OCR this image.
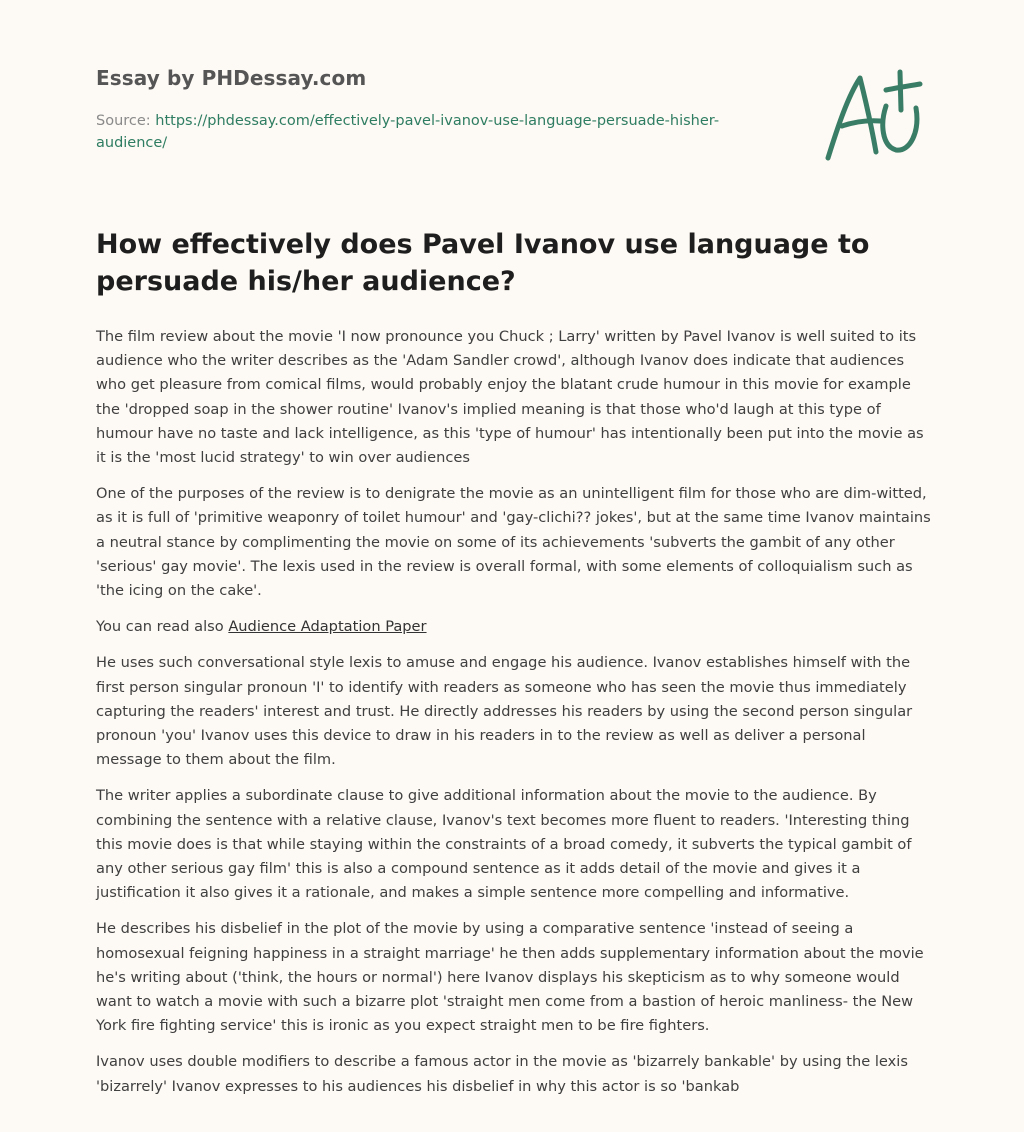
Essay by PHDessay.com
Source: https://phdessay.com/effectively-pavel-ivanov-use-language-persuade-hisher-audience/
How effectively does Pavel Ivanov use language to persuade his/her audience?

The film review about the movie 'I now pronounce you Chuck ; Larry' written by Pavel Ivanov is well suited to its audience who the writer describes as the 'Adam Sandler crowd', although Ivanov does indicate that audiences who get pleasure from comical films, would probably enjoy the blatant crude humour in this movie for example the 'dropped soap in the shower routine' Ivanov's implied meaning is that those who'd laugh at this type of humour have no taste and lack intelligence, as this 'type of humour' has intentionally been put into the movie as it is the 'most lucid strategy' to win over audiences

One of the purposes of the review is to denigrate the movie as an unintelligent film for those who are dim-witted, as it is full of 'primitive weaponry of toilet humour' and 'gay-clichi?? jokes', but at the same time Ivanov maintains a neutral stance by complimenting the movie on some of its achievements 'subverts the gambit of any other 'serious' gay movie'. The lexis used in the review is overall formal, with some elements of colloquialism such as 'the icing on the cake'.

You can read also Audience Adaptation Paper

He uses such conversational style lexis to amuse and engage his audience. Ivanov establishes himself with the first person singular pronoun 'I' to identify with readers as someone who has seen the movie thus immediately capturing the readers' interest and trust. He directly addresses his readers by using the second person singular pronoun 'you' Ivanov uses this device to draw in his readers in to the review as well as deliver a personal message to them about the film.

The writer applies a subordinate clause to give additional information about the movie to the audience. By combining the sentence with a relative clause, Ivanov's text becomes more fluent to readers. 'Interesting thing this movie does is that while staying within the constraints of a broad comedy, it subverts the typical gambit of any other serious gay film' this is also a compound sentence as it adds detail of the movie and gives it a justification it also gives it a rationale, and makes a simple sentence more compelling and informative.

He describes his disbelief in the plot of the movie by using a comparative sentence 'instead of seeing a homosexual feigning happiness in a straight marriage' he then adds supplementary information about the movie he's writing about ('think, the hours or normal') here Ivanov displays his skepticism as to why someone would want to watch a movie with such a bizarre plot 'straight men come from a bastion of heroic manliness- the New York fire fighting service' this is ironic as you expect straight men to be fire fighters.

Ivanov uses double modifiers to describe a famous actor in the movie as 'bizarrely bankable' by using the lexis 'bizarrely' Ivanov expresses to his audiences his disbelief in why this actor is so 'bankab
